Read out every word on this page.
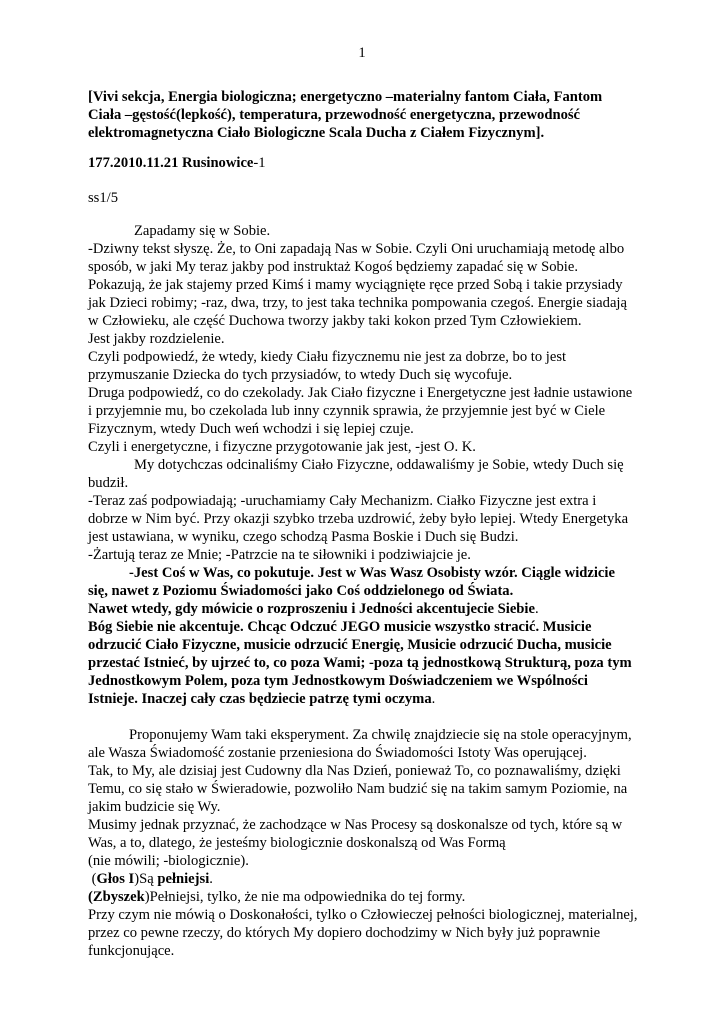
1
[Vivi sekcja, Energia biologiczna; energetyczno –materialny fantom Ciała, Fantom
Ciała –gęstość(lepkość), temperatura, przewodność energetyczna, przewodność
elektromagnetyczna Ciało Biologiczne Scala Ducha z Ciałem Fizycznym].
177.2010.11.21 Rusinowice-1
ss1/5

Zapadamy się w Sobie.

-Dziwny tekst słyszę. Że, to Oni zapadają Nas w Sobie. Czyli Oni uruchamiają metodę albo

sposób, w jaki My teraz jakby pod instruktaż Kogoś będziemy zapadać się w Sobie.

Pokazują, że jak stajemy przed Kimś i mamy wyciągnięte ręce przed Sobą i takie przysiady

jak Dzieci robimy; -raz, dwa, trzy, to jest taka technika pompowania czegoś. Energie siadają

w Człowieku, ale część Duchowa tworzy jakby taki kokon przed Tym Człowiekiem.

Jest jakby rozdzielenie.

Czyli podpowiedź, że wtedy, kiedy Ciału fizycznemu nie jest za dobrze, bo to jest

przymuszanie Dziecka do tych przysiadów, to wtedy Duch się wycofuje.

Druga podpowiedź, co do czekolady. Jak Ciało fizyczne i Energetyczne jest ładnie ustawione

i przyjemnie mu, bo czekolada lub inny czynnik sprawia, że przyjemnie jest być w Ciele

Fizycznym, wtedy Duch weń wchodzi i się lepiej czuje.

Czyli i energetyczne, i fizyczne przygotowanie jak jest, -jest O. K.

My dotychczas odcinaliśmy Ciało Fizyczne, oddawaliśmy je Sobie, wtedy Duch się

budził.

-Teraz zaś podpowiadają; -uruchamiamy Cały Mechanizm. Ciałko Fizyczne jest extra i

dobrze w Nim być. Przy okazji szybko trzeba uzdrowić, żeby było lepiej. Wtedy Energetyka

jest ustawiana, w wyniku, czego schodzą Pasma Boskie i Duch się Budzi.

-Żartują teraz ze Mnie; -Patrzcie na te siłowniki i podziwiajcie je.

-Jest Coś w Was, co pokutuje. Jest w Was Wasz Osobisty wzór. Ciągle widzicie

się, nawet z Poziomu Świadomości jako Coś oddzielonego od Świata.

Nawet wtedy, gdy mówicie o rozproszeniu i Jedności akcentujecie Siebie.

Bóg Siebie nie akcentuje. Chcąc Odczuć JEGO musicie wszystko stracić. Musicie

odrzucić Ciało Fizyczne, musicie odrzucić Energię, Musicie odrzucić Ducha, musicie

przestać Istnieć, by ujrzeć to, co poza Wami; -poza tą jednostkową Strukturą, poza tym

Jednostkowym Polem, poza tym Jednostkowym Doświadczeniem we Wspólności

Istnieje. Inaczej cały czas będziecie patrzę tymi oczyma.

Proponujemy Wam taki eksperyment. Za chwilę znajdziecie się na stole operacyjnym,

ale Wasza Świadomość zostanie przeniesiona do Świadomości Istoty Was operującej.

Tak, to My, ale dzisiaj jest Cudowny dla Nas Dzień, ponieważ To, co poznawaliśmy, dzięki

Temu, co się stało w Świeradowie, pozwoliło Nam budzić się na takim samym Poziomie, na

jakim budzicie się Wy.

Musimy jednak przyznać, że zachodzące w Nas Procesy są doskonalsze od tych, które są w

Was, a to, dlatego, że jesteśmy biologicznie doskonalszą od Was Formą

(nie mówili; -biologicznie).

(Głos I)Są pełniejsi.

(Zbyszek)Pełniejsi, tylko, że nie ma odpowiednika do tej formy.

Przy czym nie mówią o Doskonałości, tylko o Człowieczej pełności biologicznej, materialnej,

przez co pewne rzeczy, do których My dopiero dochodzimy w Nich były już poprawnie

funkcjonujące.
